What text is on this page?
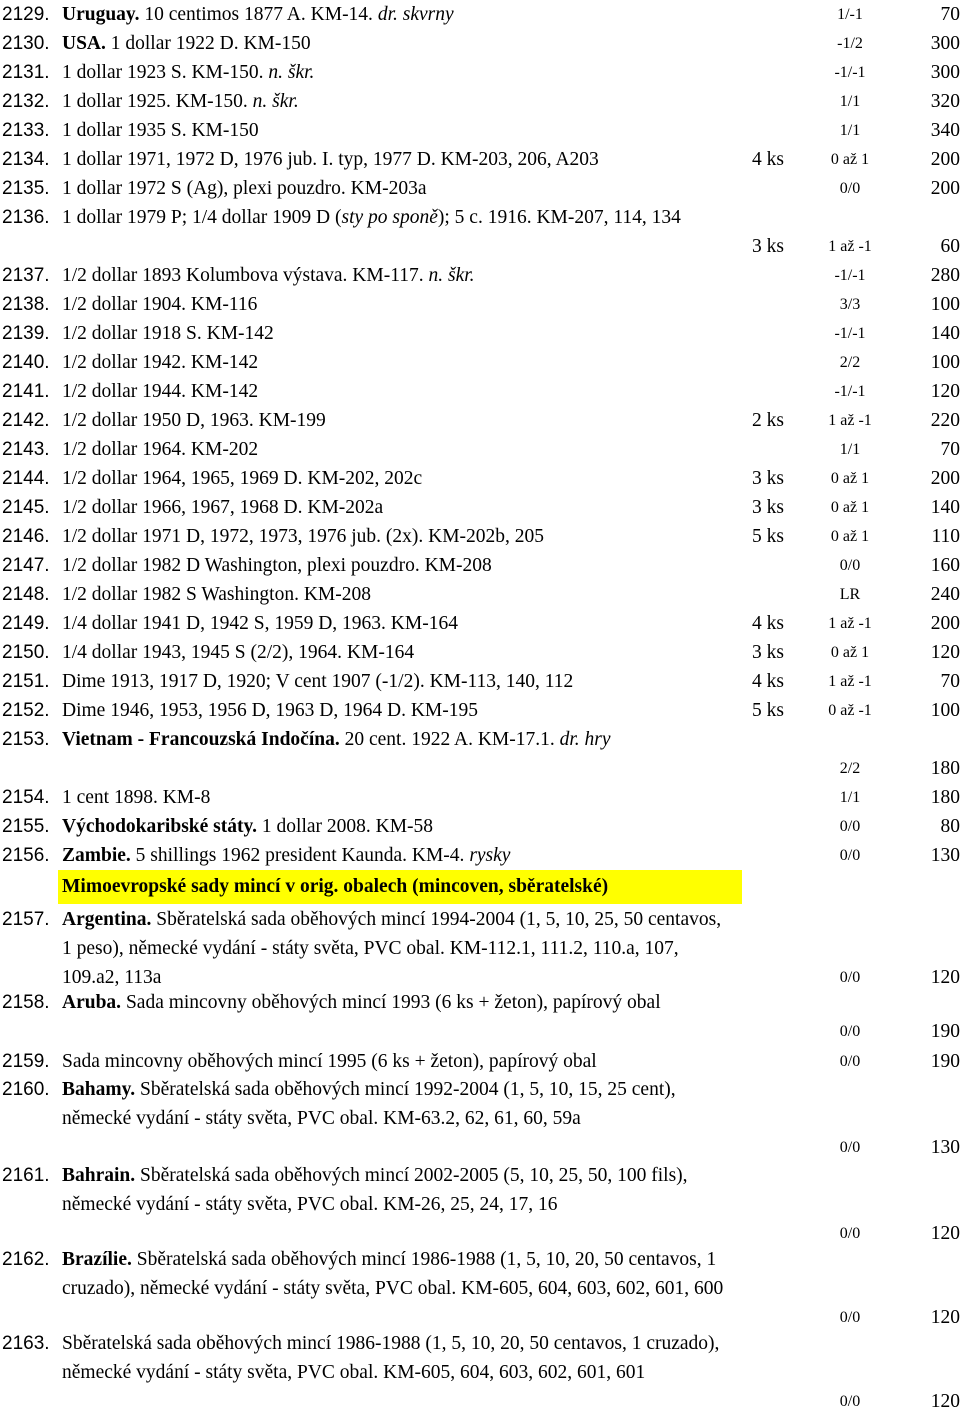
Mimoevropské sady mincí v orig. obalech (mincoven, sběratelské)
2129. Uruguay. 10 centimos 1877 A. KM-14. dr. skvrny	1/-1	70
2130. USA. 1 dollar 1922 D. KM-150	-1/2	300
2131. 1 dollar 1923 S. KM-150. n. škr.	-1/-1	300
2132. 1 dollar 1925. KM-150. n. škr.	1/1	320
2133. 1 dollar 1935 S. KM-150	1/1	340
2134. 1 dollar 1971, 1972 D, 1976 jub. I. typ, 1977 D. KM-203, 206, A203	4 ks	0 až 1	200
2135. 1 dollar 1972 S (Ag), plexi pouzdro. KM-203a	0/0	200
2136. 1 dollar 1979 P; 1/4 dollar 1909 D (sty po sponě); 5 c. 1916. KM-207, 114, 134
3 ks	1 až -1	60
2137. 1/2 dollar 1893 Kolumbova výstava. KM-117. n. škr.	-1/-1	280
2138. 1/2 dollar 1904. KM-116	3/3	100
2139. 1/2 dollar 1918 S. KM-142	-1/-1	140
2140. 1/2 dollar 1942. KM-142	2/2	100
2141. 1/2 dollar 1944. KM-142	-1/-1	120
2142. 1/2 dollar 1950 D, 1963. KM-199	2 ks	1 až -1	220
2143. 1/2 dollar 1964. KM-202	1/1	70
2144. 1/2 dollar 1964, 1965, 1969 D. KM-202, 202c	3 ks	0 až 1	200
2145. 1/2 dollar 1966, 1967, 1968 D. KM-202a	3 ks	0 až 1	140
2146. 1/2 dollar 1971 D, 1972, 1973, 1976 jub. (2x). KM-202b, 205	5 ks	0 až 1	110
2147. 1/2 dollar 1982 D Washington, plexi pouzdro. KM-208	0/0	160
2148. 1/2 dollar 1982 S Washington. KM-208	LR	240
2149. 1/4 dollar 1941 D, 1942 S, 1959 D, 1963. KM-164	4 ks	1 až -1	200
2150. 1/4 dollar 1943, 1945 S (2/2), 1964. KM-164	3 ks	0 až 1	120
2151. Dime 1913, 1917 D, 1920; V cent 1907 (-1/2). KM-113, 140, 112	4 ks	1 až -1	70
2152. Dime 1946, 1953, 1956 D, 1963 D, 1964 D. KM-195	5 ks	0 až -1	100
2153. Vietnam - Francouzská Indočína. 20 cent. 1922 A. KM-17.1. dr. hry
2/2	180
2154. 1 cent 1898. KM-8	1/1	180
2155. Východokaribské státy. 1 dollar 2008. KM-58	0/0	80
2156. Zambie. 5 shillings 1962 president Kaunda. KM-4. rysky	0/0	130
2157. Argentina. Sběratelská sada oběhových mincí 1994-2004 (1, 5, 10, 25, 50 centavos, 1 peso), německé vydání - státy světa, PVC obal. KM-112.1, 111.2, 110.a, 107, 109.a2, 113a	0/0	120
2158. Aruba. Sada mincovny oběhových mincí 1993 (6 ks + žeton), papírový obal
0/0	190
2159. Sada mincovny oběhových mincí 1995 (6 ks + žeton), papírový obal	0/0	190
2160. Bahamy. Sběratelská sada oběhových mincí 1992-2004 (1, 5, 10, 15, 25 cent), německé vydání - státy světa, PVC obal. KM-63.2, 62, 61, 60, 59a
0/0	130
2161. Bahrain. Sběratelská sada oběhových mincí 2002-2005 (5, 10, 25, 50, 100 fils), německé vydání - státy světa, PVC obal. KM-26, 25, 24, 17, 16
0/0	120
2162. Brazílie. Sběratelská sada oběhových mincí 1986-1988 (1, 5, 10, 20, 50 centavos, 1 cruzado), německé vydání - státy světa, PVC obal. KM-605, 604, 603, 602, 601, 600
0/0	120
2163. Sběratelská sada oběhových mincí 1986-1988 (1, 5, 10, 20, 50 centavos, 1 cruzado), německé vydání - státy světa, PVC obal. KM-605, 604, 603, 602, 601, 601
0/0	120
